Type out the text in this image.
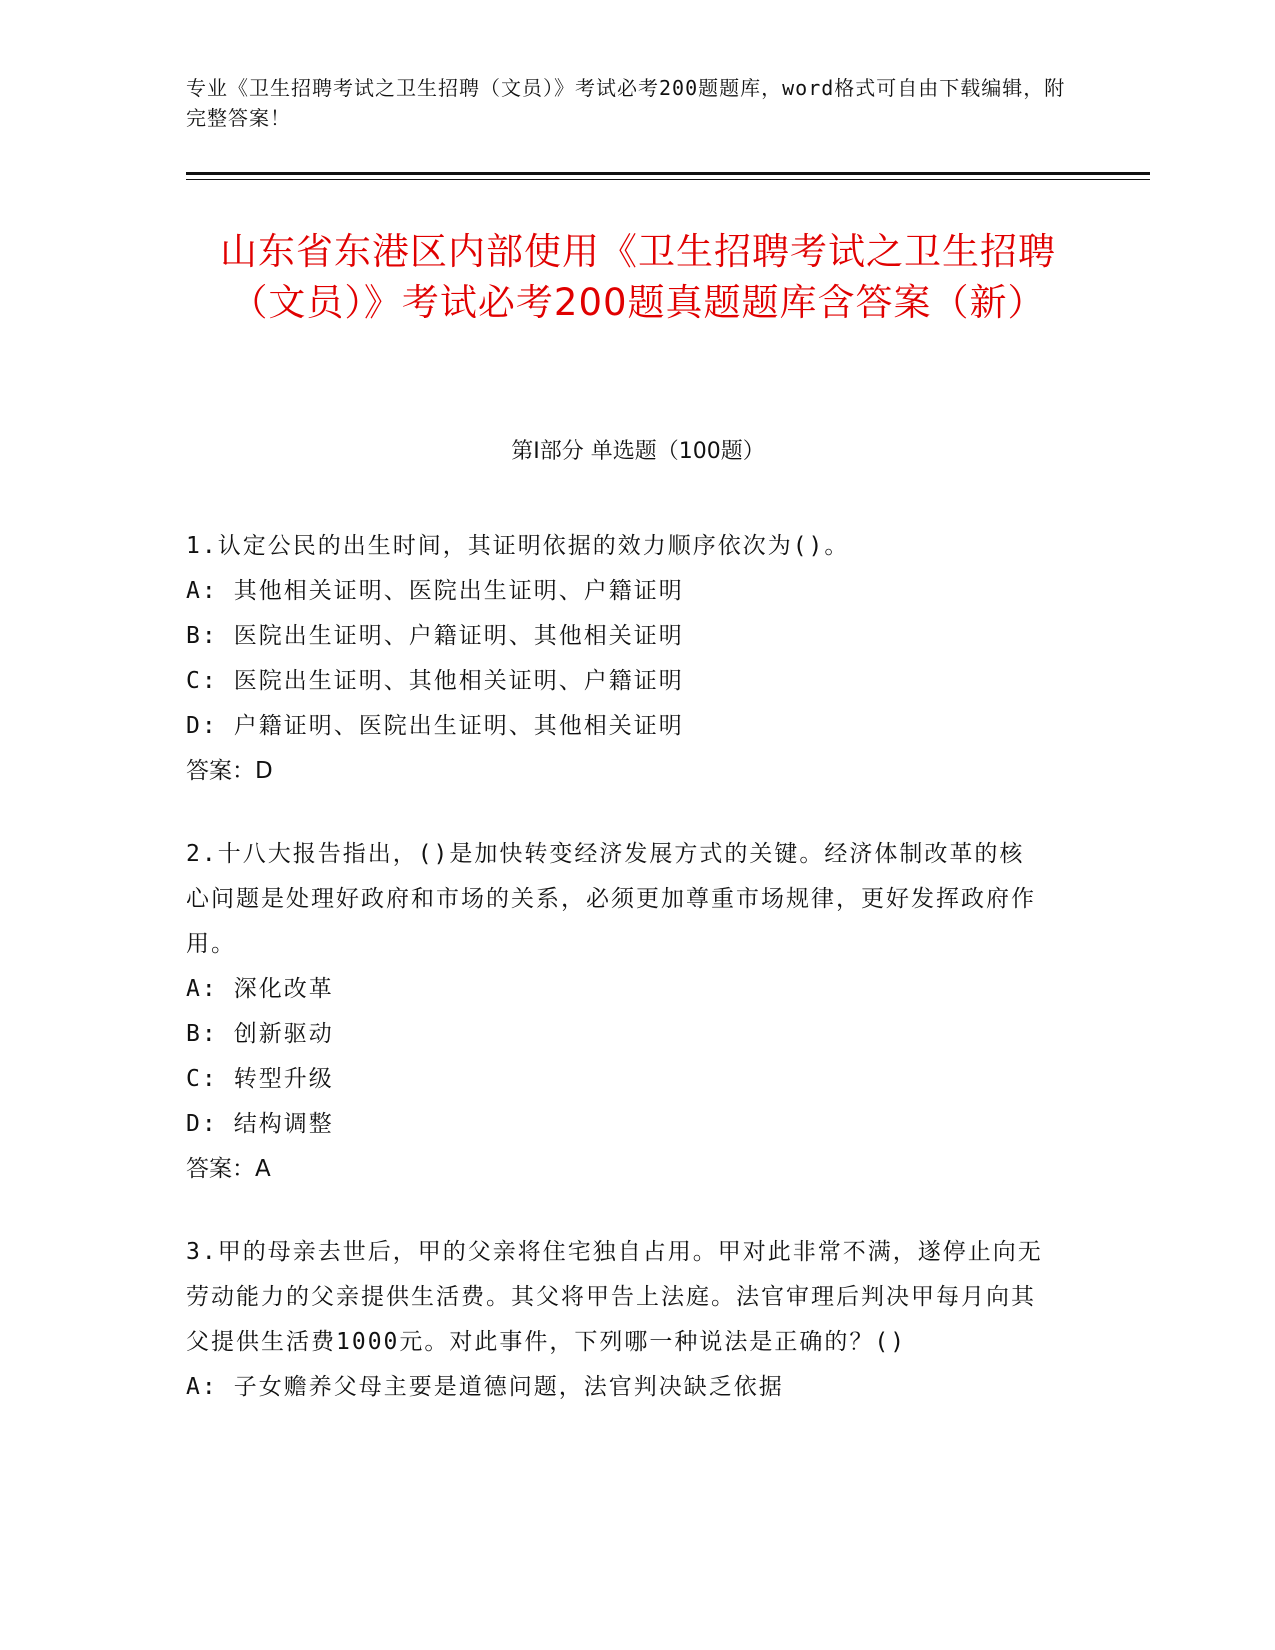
专业《卫生招聘考试之卫生招聘（文员）》考试必考200题题库，word格式可自由下载编辑，附完整答案！
山东省东港区内部使用《卫生招聘考试之卫生招聘（文员）》考试必考200题真题题库含答案（新）
第I部分 单选题（100题）
1.认定公民的出生时间，其证明依据的效力顺序依次为()。
A: 其他相关证明、医院出生证明、户籍证明
B: 医院出生证明、户籍证明、其他相关证明
C: 医院出生证明、其他相关证明、户籍证明
D: 户籍证明、医院出生证明、其他相关证明
答案：D
2.十八大报告指出，()是加快转变经济发展方式的关键。经济体制改革的核心问题是处理好政府和市场的关系，必须更加尊重市场规律，更好发挥政府作用。
A: 深化改革
B: 创新驱动
C: 转型升级
D: 结构调整
答案：A
3.甲的母亲去世后，甲的父亲将住宅独自占用。甲对此非常不满，遂停止向无劳动能力的父亲提供生活费。其父将甲告上法庭。法官审理后判决甲每月向其父提供生活费1000元。对此事件，下列哪一种说法是正确的？()
A: 子女赡养父母主要是道德问题，法官判决缺乏依据
